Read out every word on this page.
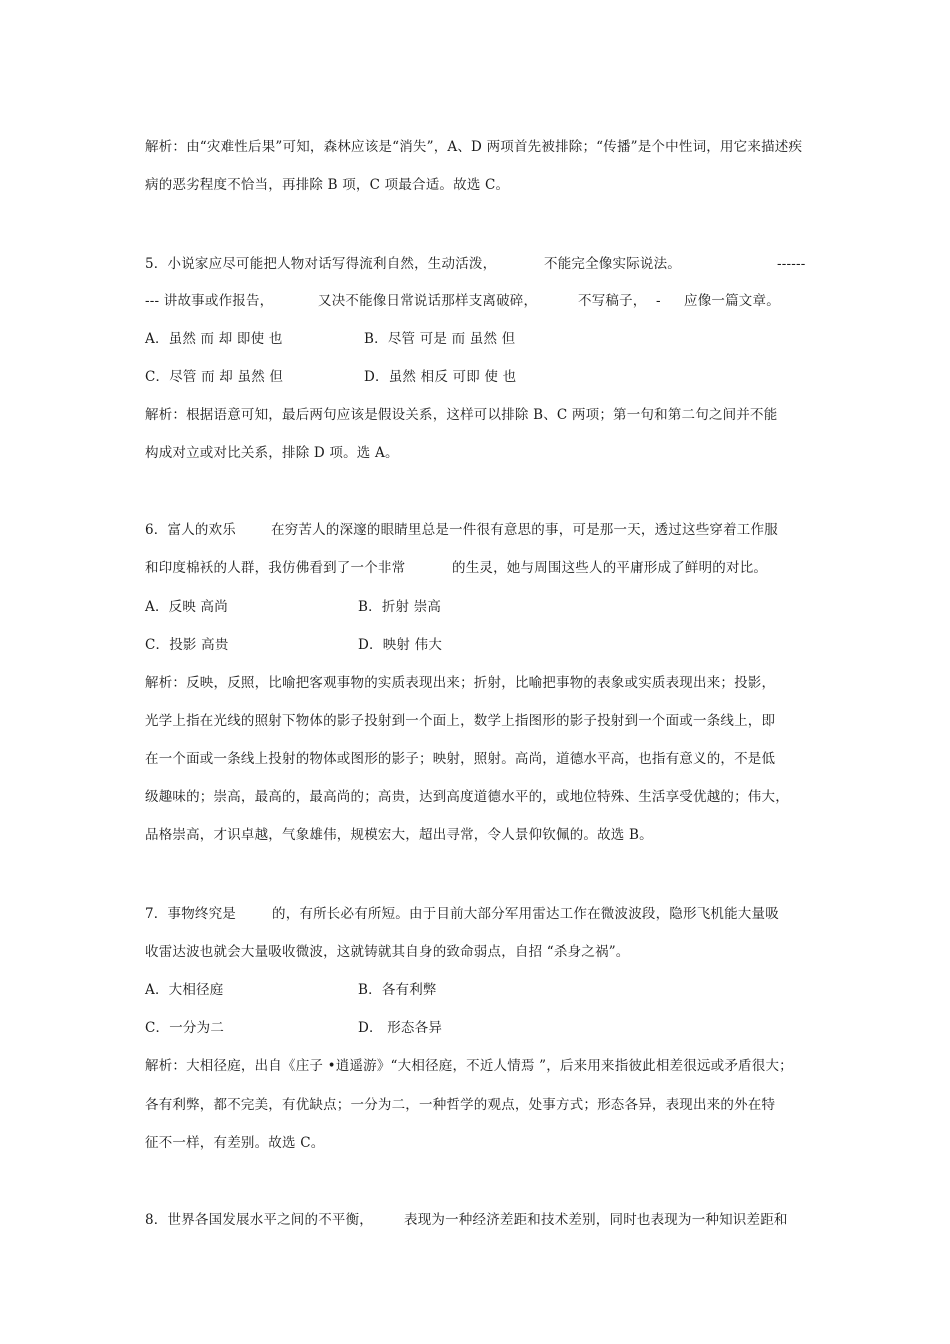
解析：由“灾难性后果”可知，森林应该是“消失”，A、D 两项首先被排除；“传播”是个中性词，用它来描述疾
病的恶劣程度不恰当，再排除 B 项，C 项最合适。故选 C。
5．小说家应尽可能把人物对话写得流利自然，生动活泼，	不能完全像实际说法。	------
--- 讲故事或作报告，	又决不能像日常说话那样支离破碎，	不写稿子， - 应像一篇文章。
A．虽然 而 却 即使 也	B．尽管 可是 而 虽然 但
C．尽管 而 却 虽然 但	D．虽然 相反 可即 使 也
解析：根据语意可知，最后两句应该是假设关系，这样可以排除 B、C 两项；第一句和第二句之间并不能
构成对立或对比关系，排除 D 项。选 A。
6．富人的欢乐	在穷苦人的深邃的眼睛里总是一件很有意思的事，可是那一天，透过这些穿着工作服
和印度棉袄的人群，我仿佛看到了一个非常	的生灵，她与周围这些人的平庸形成了鲜明的对比。
A．反映 高尚	B．折射 崇高
C．投影 高贵	D．映射 伟大
解析：反映，反照，比喻把客观事物的实质表现出来；折射，比喻把事物的表象或实质表现出来；投影，
光学上指在光线的照射下物体的影子投射到一个面上，数学上指图形的影子投射到一个面或一条线上，即
在一个面或一条线上投射的物体或图形的影子；映射，照射。高尚，道德水平高，也指有意义的，不是低
级趣味的；崇高，最高的，最高尚的；高贵，达到高度道德水平的，或地位特殊、生活享受优越的；伟大，
品格崇高，才识卓越，气象雄伟，规模宏大，超出寻常，令人景仰钦佩的。故选 B。
7．事物终究是	的，有所长必有所短。由于目前大部分军用雷达工作在微波波段，隐形飞机能大量吸
收雷达波也就会大量吸收微波，这就铸就其自身的致命弱点，自招 “杀身之祸”。
A．大相径庭	B．各有利弊
C．一分为二	D． 形态各异
解析：大相径庭，出自《庄子 •逍遥游》“大相径庭，不近人情焉 ”，后来用来指彼此相差很远或矛盾很大；
各有利弊，都不完美，有优缺点；一分为二，一种哲学的观点，处事方式；形态各异，表现出来的外在特
征不一样，有差别。故选 C。
8．世界各国发展水平之间的不平衡， 表现为一种经济差距和技术差别，同时也表现为一种知识差距和
